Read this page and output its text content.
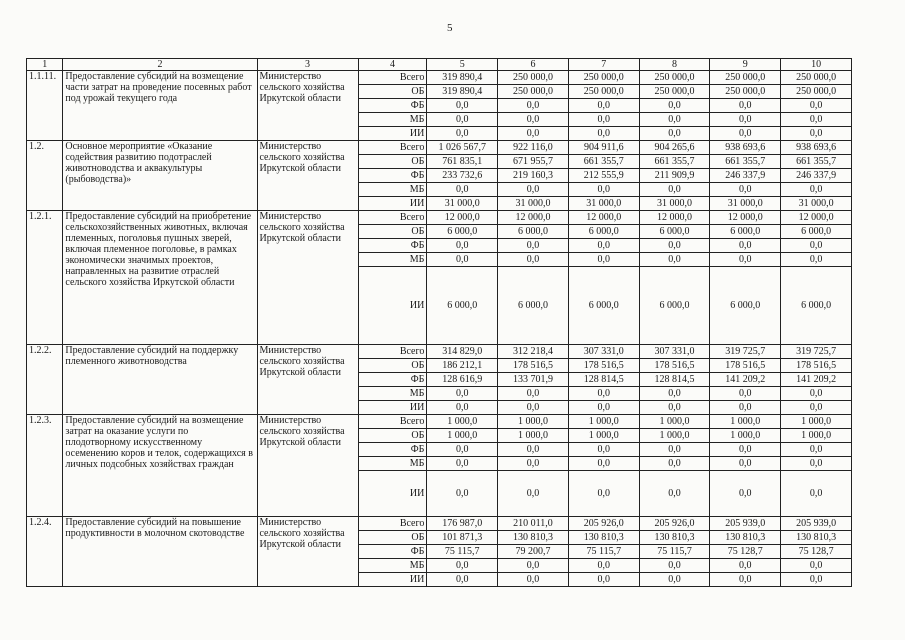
5
1	2	3	4	5	6	7	8	9	10
1.1.11.	Предоставление субсидий на возмещение части затрат на проведение посевных работ под урожай текущего года	Министерство сельского хозяйства Иркутской области	Всего	319 890,4	250 000,0	250 000,0	250 000,0	250 000,0	250 000,0
			ОБ	319 890,4	250 000,0	250 000,0	250 000,0	250 000,0	250 000,0
			ФБ	0,0	0,0	0,0	0,0	0,0	0,0
			МБ	0,0	0,0	0,0	0,0	0,0	0,0
			ИИ	0,0	0,0	0,0	0,0	0,0	0,0
1.2.	Основное мероприятие «Оказание содействия развитию подотраслей животноводства и аквакультуры (рыбоводства)»	Министерство сельского хозяйства Иркутской области	Всего	1 026 567,7	922 116,0	904 911,6	904 265,6	938 693,6	938 693,6
			ОБ	761 835,1	671 955,7	661 355,7	661 355,7	661 355,7	661 355,7
			ФБ	233 732,6	219 160,3	212 555,9	211 909,9	246 337,9	246 337,9
			МБ	0,0	0,0	0,0	0,0	0,0	0,0
			ИИ	31 000,0	31 000,0	31 000,0	31 000,0	31 000,0	31 000,0
1.2.1.	Предоставление субсидий на приобретение сельскохозяйственных животных, включая племенных, поголовья пушных зверей, включая племенное поголовье, в рамках экономически значимых проектов, направленных на развитие отраслей сельского хозяйства Иркутской области	Министерство сельского хозяйства Иркутской области	Всего	12 000,0	12 000,0	12 000,0	12 000,0	12 000,0	12 000,0
			ОБ	6 000,0	6 000,0	6 000,0	6 000,0	6 000,0	6 000,0
			ФБ	0,0	0,0	0,0	0,0	0,0	0,0
			МБ	0,0	0,0	0,0	0,0	0,0	0,0
			ИИ	6 000,0	6 000,0	6 000,0	6 000,0	6 000,0	6 000,0
1.2.2.	Предоставление субсидий на поддержку племенного животноводства	Министерство сельского хозяйства Иркутской области	Всего	314 829,0	312 218,4	307 331,0	307 331,0	319 725,7	319 725,7
			ОБ	186 212,1	178 516,5	178 516,5	178 516,5	178 516,5	178 516,5
			ФБ	128 616,9	133 701,9	128 814,5	128 814,5	141 209,2	141 209,2
			МБ	0,0	0,0	0,0	0,0	0,0	0,0
			ИИ	0,0	0,0	0,0	0,0	0,0	0,0
1.2.3.	Предоставление субсидий на возмещение затрат на оказание услуги по плодотворному искусственному осеменению коров и телок, содержащихся в личных подсобных хозяйствах граждан	Министерство сельского хозяйства Иркутской области	Всего	1 000,0	1 000,0	1 000,0	1 000,0	1 000,0	1 000,0
			ОБ	1 000,0	1 000,0	1 000,0	1 000,0	1 000,0	1 000,0
			ФБ	0,0	0,0	0,0	0,0	0,0	0,0
			МБ	0,0	0,0	0,0	0,0	0,0	0,0
			ИИ	0,0	0,0	0,0	0,0	0,0	0,0
1.2.4.	Предоставление субсидий на повышение продуктивности в молочном скотоводстве	Министерство сельского хозяйства Иркутской области	Всего	176 987,0	210 011,0	205 926,0	205 926,0	205 939,0	205 939,0
			ОБ	101 871,3	130 810,3	130 810,3	130 810,3	130 810,3	130 810,3
			ФБ	75 115,7	79 200,7	75 115,7	75 115,7	75 128,7	75 128,7
			МБ	0,0	0,0	0,0	0,0	0,0	0,0
			ИИ	0,0	0,0	0,0	0,0	0,0	0,0
